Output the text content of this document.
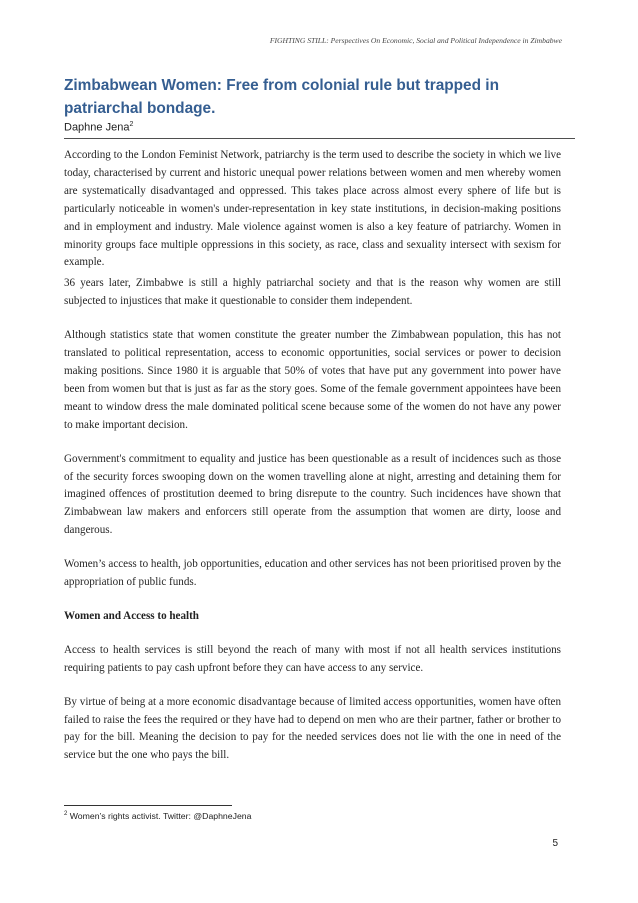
FIGHTING STILL: Perspectives On Economic, Social and Political Independence in Zimbabwe
Zimbabwean Women: Free from colonial rule but trapped in patriarchal bondage.
Daphne Jena$^2$

According to the London Feminist Network, patriarchy is the term used to describe the society in which we live today, characterised by current and historic unequal power relations between women and men whereby women are systematically disadvantaged and oppressed. This takes place across almost every sphere of life but is particularly noticeable in women's under-representation in key state institutions, in decision-making positions and in employment and industry. Male violence against women is also a key feature of patriarchy. Women in minority groups face multiple oppressions in this society, as race, class and sexuality intersect with sexism for example.

36 years later, Zimbabwe is still a highly patriarchal society and that is the reason why women are still subjected to injustices that make it questionable to consider them independent.

Although statistics state that women constitute the greater number the Zimbabwean population, this has not translated to political representation, access to economic opportunities, social services or power to decision making positions. Since 1980 it is arguable that 50% of votes that have put any government into power have been from women but that is just as far as the story goes. Some of the female government appointees have been meant to window dress the male dominated political scene because some of the women do not have any power to make important decision.

Government's commitment to equality and justice has been questionable as a result of incidences such as those of the security forces swooping down on the women travelling alone at night, arresting and detaining them for imagined offences of prostitution deemed to bring disrepute to the country. Such incidences have shown that Zimbabwean law makers and enforcers still operate from the assumption that women are dirty, loose and dangerous.

Women’s access to health, job opportunities, education and other services has not been prioritised proven by the appropriation of public funds.

Women and Access to health

Access to health services is still beyond the reach of many with most if not all health services institutions requiring patients to pay cash upfront before they can have access to any service.

By virtue of being at a more economic disadvantage because of limited access opportunities, women have often failed to raise the fees the required or they have had to depend on men who are their partner, father or brother to pay for the bill. Meaning the decision to pay for the needed services does not lie with the one in need of the service but the one who pays the bill.

$^2$ Women’s rights activist. Twitter: @DaphneJena
5
